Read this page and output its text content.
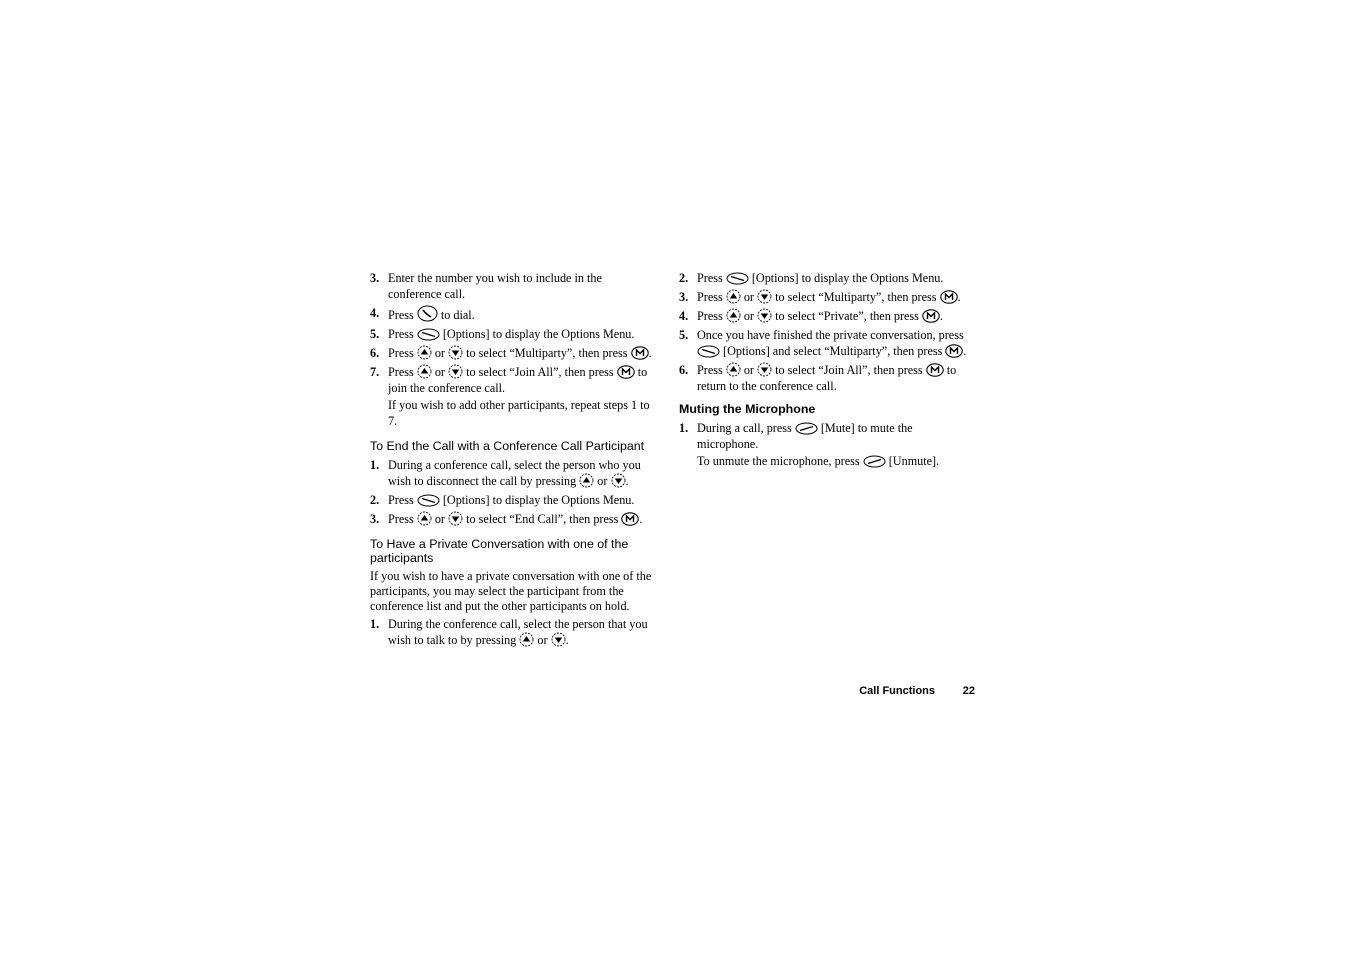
3. Enter the number you wish to include in the conference call.
4. Press to dial.
5. Press [Options] to display the Options Menu.
6. Press or to select “Multiparty”, then press .
7. Press or to select “Join All”, then press to join the conference call.
If you wish to add other participants, repeat steps 1 to 7.
To End the Call with a Conference Call Participant
1. During a conference call, select the person who you wish to disconnect the call by pressing or .
2. Press [Options] to display the Options Menu.
3. Press or to select “End Call”, then press .
To Have a Private Conversation with one of the participants
If you wish to have a private conversation with one of the participants, you may select the participant from the conference list and put the other participants on hold.
1. During the conference call, select the person that you wish to talk to by pressing or .
2. Press [Options] to display the Options Menu.
3. Press or to select “Multiparty”, then press .
4. Press or to select “Private”, then press .
5. Once you have finished the private conversation, press
[Options] and select “Multiparty”, then press .
6. Press or to select “Join All”, then press to return to the conference call.
Muting the Microphone
1. During a call, press [Mute] to mute the microphone.
To unmute the microphone, press [Unmute].
Call Functions	22
